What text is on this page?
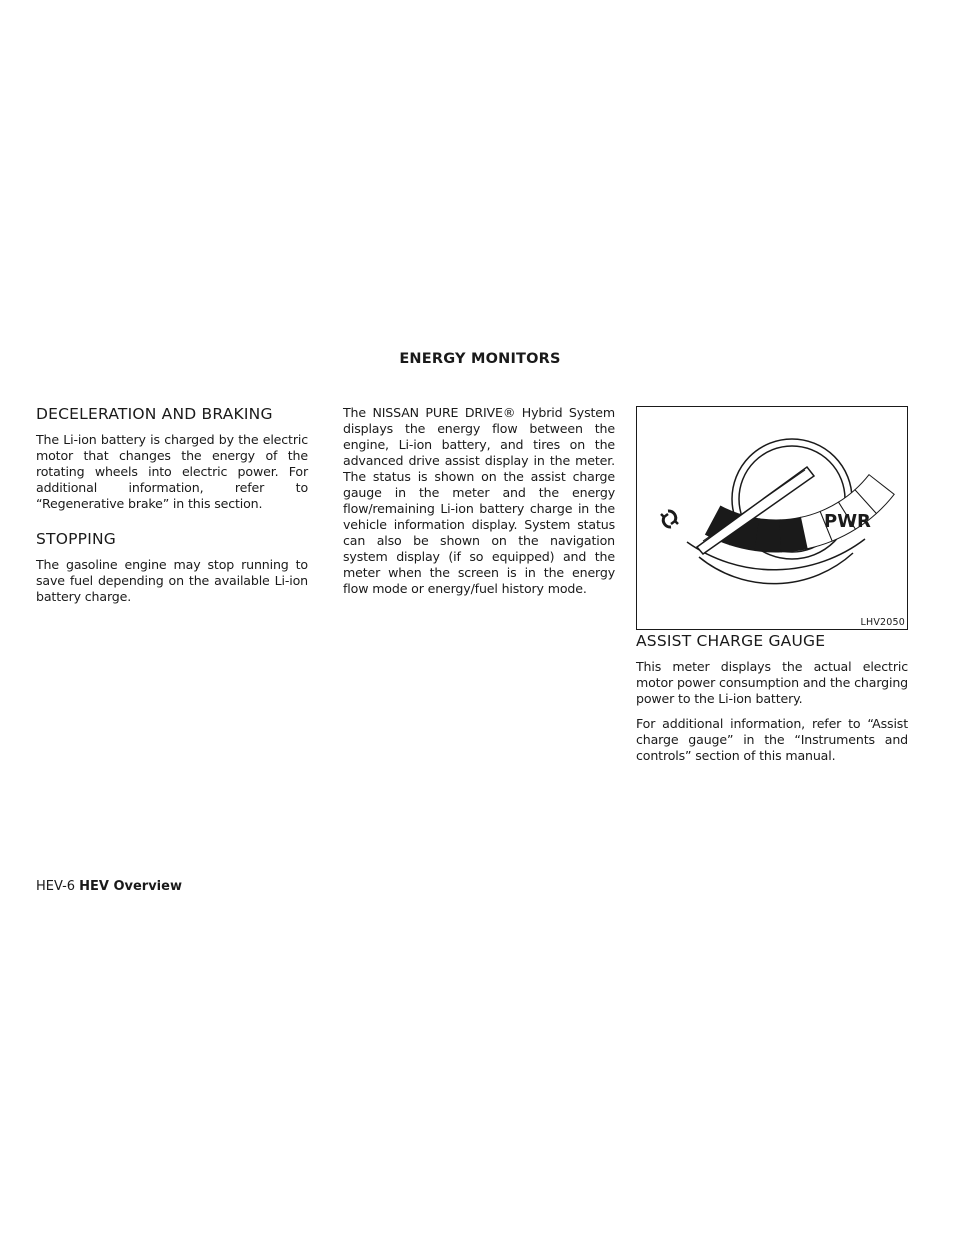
ENERGY MONITORS
DECELERATION AND BRAKING

The Li-ion battery is charged by the electric motor that changes the energy of the rotating wheels into electric power. For additional information, refer to “Regenerative brake” in this section.

STOPPING

The gasoline engine may stop running to save fuel depending on the available Li-ion battery charge.

The NISSAN PURE DRIVE® Hybrid System displays the energy flow between the engine, Li-ion battery, and tires on the advanced drive assist display in the meter. The status is shown on the assist charge gauge in the meter and the energy flow/remaining Li-ion battery charge in the vehicle information display. System status can also be shown on the navigation system display (if so equipped) and the meter when the screen is in the energy flow mode or energy/fuel history mode.

PWR
LHV2050
ASSIST CHARGE GAUGE

This meter displays the actual electric motor power consumption and the charging power to the Li-ion battery.

For additional information, refer to “Assist charge gauge” in the “Instruments and controls” section of this manual.

HEV-6 HEV Overview
